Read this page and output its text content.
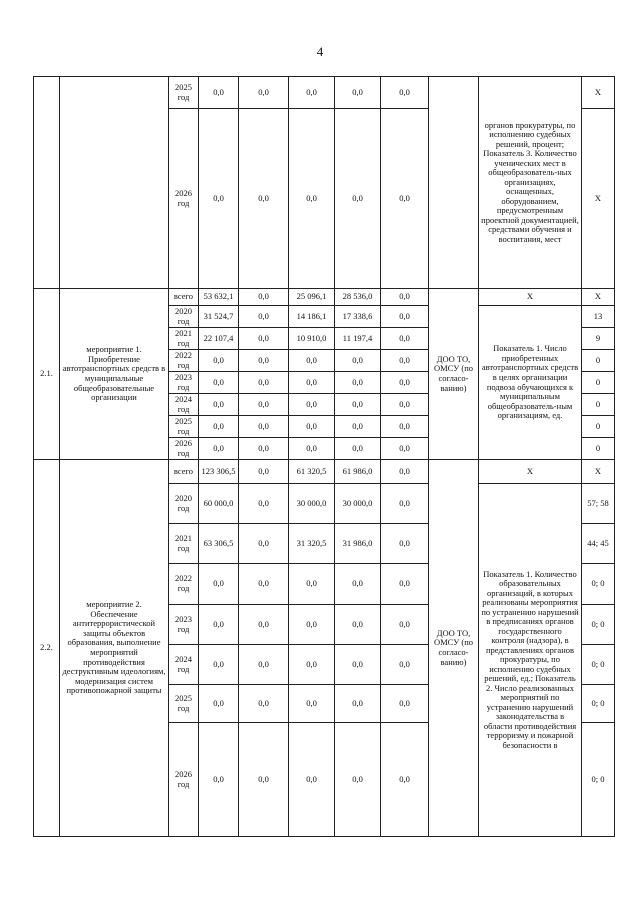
4
		2025 год	0,0	0,0	0,0	0,0	0,0		органов прокуратуры, по исполнению судебных решений, процент; Показатель 3. Количество ученических мест в общеобразователь-ных организациях, оснащенных, оборудованием, предусмотренным проектной документацией, средствами обучения и воспитания, мест	X
		2026 год	0,0	0,0	0,0	0,0	0,0			X
2.1.	мероприятие 1. Приобретение автотранспортных средств в муниципальные общеобразовательные организации	всего	53 632,1	0,0	25 096,1	28 536,0	0,0	ДОО ТО, ОМСУ (по согласо-ванию)	X	X
		2020 год	31 524,7	0,0	14 186,1	17 338,6	0,0		Показатель 1. Число приобретенных автотранспортных средств в целях организации подвоза обучающихся к муниципальным общеобразователь-ным организациям, ед.	13
		2021 год	22 107,4	0,0	10 910,0	11 197,4	0,0			9
		2022 год	0,0	0,0	0,0	0,0	0,0			0
		2023 год	0,0	0,0	0,0	0,0	0,0			0
		2024 год	0,0	0,0	0,0	0,0	0,0			0
		2025 год	0,0	0,0	0,0	0,0	0,0			0
		2026 год	0,0	0,0	0,0	0,0	0,0			0
2.2.	мероприятие 2. Обеспечение антитеррористической защиты объектов образования, выполнение мероприятий противодействия деструктивным идеологиям, модернизация систем противопожарной защиты	всего	123 306,5	0,0	61 320,5	61 986,0	0,0	ДОО ТО, ОМСУ (по согласо-ванию)	X	X
		2020 год	60 000,0	0,0	30 000,0	30 000,0	0,0		Показатель 1. Количество образовательных организаций, в которых реализованы мероприятия по устранению нарушений в предписаниях органов государственного контроля (надзора), в представлениях органов прокуратуры, по исполнению судебных решений, ед.; Показатель 2. Число реализованных мероприятий по устранению нарушений законодательства в области противодействия терроризму и пожарной безопасности в	57; 58
		2021 год	63 306,5	0,0	31 320,5	31 986,0	0,0			44; 45
		2022 год	0,0	0,0	0,0	0,0	0,0			0; 0
		2023 год	0,0	0,0	0,0	0,0	0,0			0; 0
		2024 год	0,0	0,0	0,0	0,0	0,0			0; 0
		2025 год	0,0	0,0	0,0	0,0	0,0			0; 0
		2026 год	0,0	0,0	0,0	0,0	0,0			0; 0
